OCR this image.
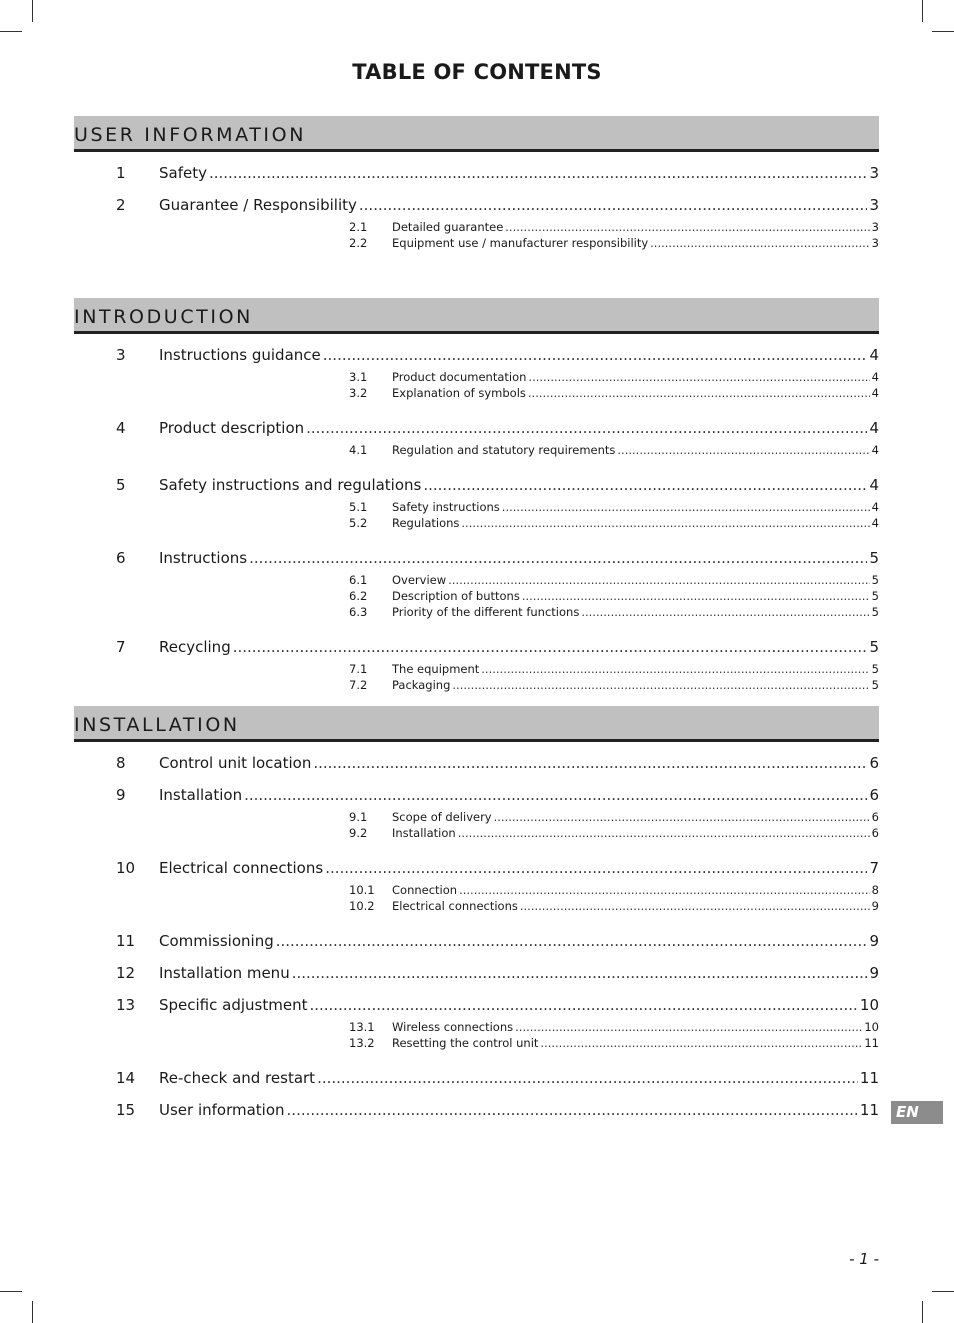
TABLE OF CONTENTS
USER INFORMATION
1 Safety .....	3
2 Guarantee / Responsibility .....	3
2.1 Detailed guarantee .....	3
2.2 Equipment use / manufacturer responsibility .....	3
INTRODUCTION
3 Instructions guidance .....	4
3.1 Product documentation .....	4
3.2 Explanation of symbols .....	4
4 Product description .....	4
4.1 Regulation and statutory requirements .....	4
5 Safety instructions and regulations .....	4
5.1 Safety instructions .....	4
5.2 Regulations .....	4
6 Instructions .....	5
6.1 Overview .....	5
6.2 Description of buttons .....	5
6.3 Priority of the different functions .....	5
7 Recycling .....	5
7.1 The equipment .....	5
7.2 Packaging .....	5
INSTALLATION
8 Control unit location .....	6
9 Installation .....	6
9.1 Scope of delivery .....	6
9.2 Installation .....	6
10 Electrical connections .....	7
10.1 Connection .....	8
10.2 Electrical connections .....	9
11 Commissioning .....	9
12 Installation menu .....	9
13 Specific adjustment .....	10
13.1 Wireless connections .....	10
13.2 Resetting the control unit .....	11
14 Re-check and restart .....	11
15 User information .....	11	EN
- 1 -
